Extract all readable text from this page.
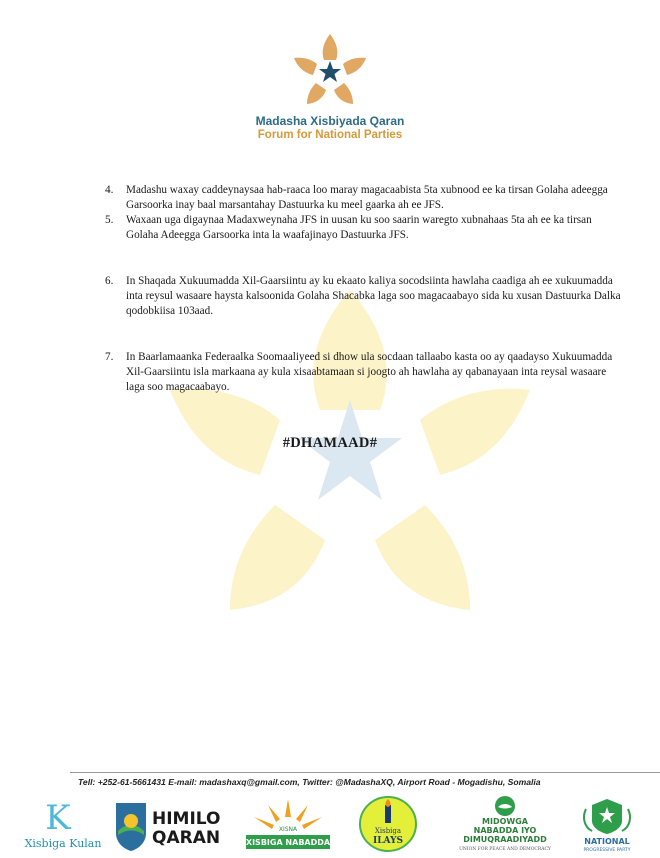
Madasha Xisbiyada Qaran
Forum for National Parties
4.	Madashu waxay caddeynaysaa hab-raaca loo maray magacaabista 5ta xubnood ee ka tirsan Golaha adeegga Garsoorka inay baal marsantahay Dastuurka ku meel gaarka ah ee JFS.
5.	Waxaan uga digaynaa Madaxweynaha JFS in uusan ku soo saarin waregto xubnahaas 5ta ah ee ka tirsan Golaha Adeegga Garsoorka inta la waafajinayo Dastuurka JFS.
6.	In Shaqada Xukuumadda Xil-Gaarsiintu ay ku ekaato kaliya socodsiinta hawlaha caadiga ah ee xukuumadda inta reysul wasaare haysta kalsoonida Golaha Shacabka laga soo magacaabayo sida ku xusan Dastuurka Dalka qodobkiisa 103aad.
7.	In Baarlamaanka Federaalka Soomaaliyeed si dhow ula socdaan tallaabo kasta oo ay qaadayso Xukuumadda Xil-Gaarsiintu isla markaana ay kula xisaabtamaan si joogto ah hawlaha ay qabanayaan inta reysal wasaare laga soo magacaabayo.
#DHAMAAD#
Tell: +252-61-5661431 E-mail: madashaxq@gmail.com, Twitter: @MadashaXQ, Airport Road - Mogadishu, Somalia
K
Xisbiga Kulan
HIMILO
QARAN	XISNA
XISBIGA NABADDA
Xisbiga
ILAYS
MIDOWGA
NABADDA IYO
DIMUQRAADIYADD
UNION FOR PEACE AND DEMOCRACY
NATIONAL
PROGRESSIVE PARTY
